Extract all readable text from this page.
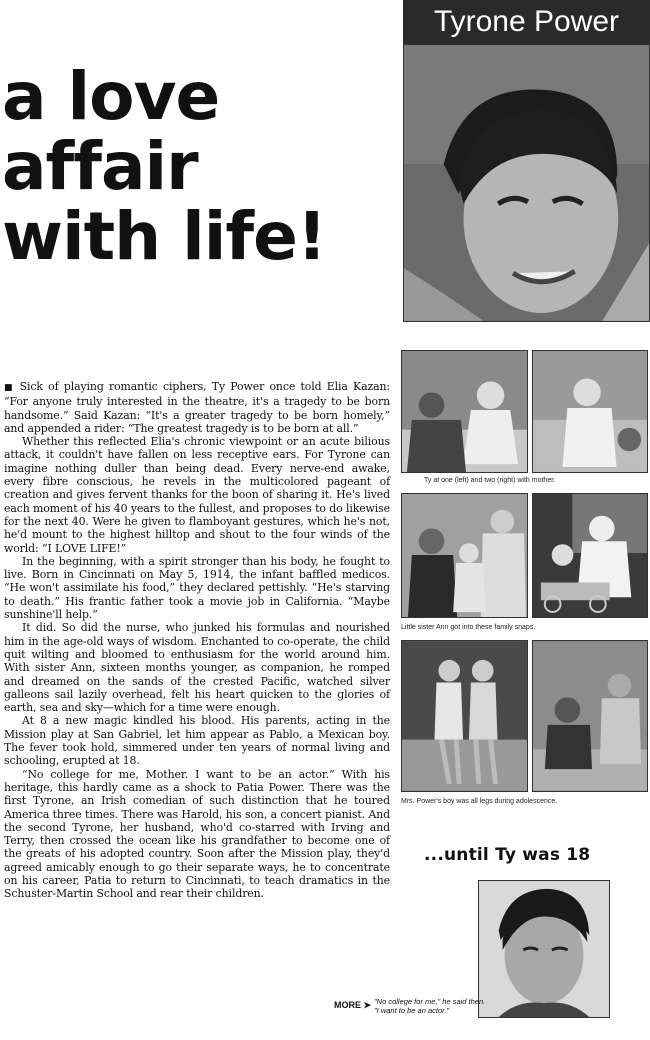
Tyrone Power
a love
affair
with life!

■ Sick of playing romantic ciphers, Ty Power once told Elia Kazan: “For anyone truly interested in the theatre, it's a tragedy to be born handsome.” Said Kazan: “It's a greater tragedy to be born homely,” and appended a rider: “The greatest tragedy is to be born at all.”

Whether this reflected Elia's chronic viewpoint or an acute bilious attack, it couldn't have fallen on less receptive ears. For Tyrone can imagine nothing duller than being dead. Every nerve-end awake, every fibre conscious, he revels in the multicolored pageant of creation and gives fervent thanks for the boon of sharing it. He's lived each moment of his 40 years to the fullest, and proposes to do likewise for the next 40. Were he given to flamboyant gestures, which he's not, he'd mount to the highest hilltop and shout to the four winds of the world: “I LOVE LIFE!”

In the beginning, with a spirit stronger than his body, he fought to live. Born in Cincinnati on May 5, 1914, the infant baffled medicos. “He won't assimilate his food,” they declared pettishly. “He's starving to death.” His frantic father took a movie job in California. “Maybe sunshine'll help.”

It did. So did the nurse, who junked his formulas and nourished him in the age-old ways of wisdom. Enchanted to co-operate, the child quit wilting and bloomed to enthusiasm for the world around him. With sister Ann, sixteen months younger, as companion, he romped and dreamed on the sands of the crested Pacific, watched silver galleons sail lazily overhead, felt his heart quicken to the glories of earth, sea and sky—which for a time were enough.

At 8 a new magic kindled his blood. His parents, acting in the Mission play at San Gabriel, let him appear as Pablo, a Mexican boy. The fever took hold, simmered under ten years of normal living and schooling, erupted at 18.

“No college for me, Mother. I want to be an actor.” With his heritage, this hardly came as a shock to Patia Power. There was the first Tyrone, an Irish comedian of such distinction that he toured America three times. There was Harold, his son, a concert pianist. And the second Tyrone, her husband, who'd co-starred with Irving and Terry, then crossed the ocean like his grandfather to become one of the greats of his adopted country. Soon after the Mission play, they'd agreed amicably enough to go their separate ways, he to concentrate on his career, Patia to return to Cincinnati, to teach dramatics in the Schuster-Martin School and rear their children.

Ty at one (left) and two (right) with mother.
Little sister Ann got into these family snaps.
Mrs. Power's boy was all legs during adolescence.
...until Ty was 18
MORE ➤ "No college for me," he said then. "I want to be an actor."
